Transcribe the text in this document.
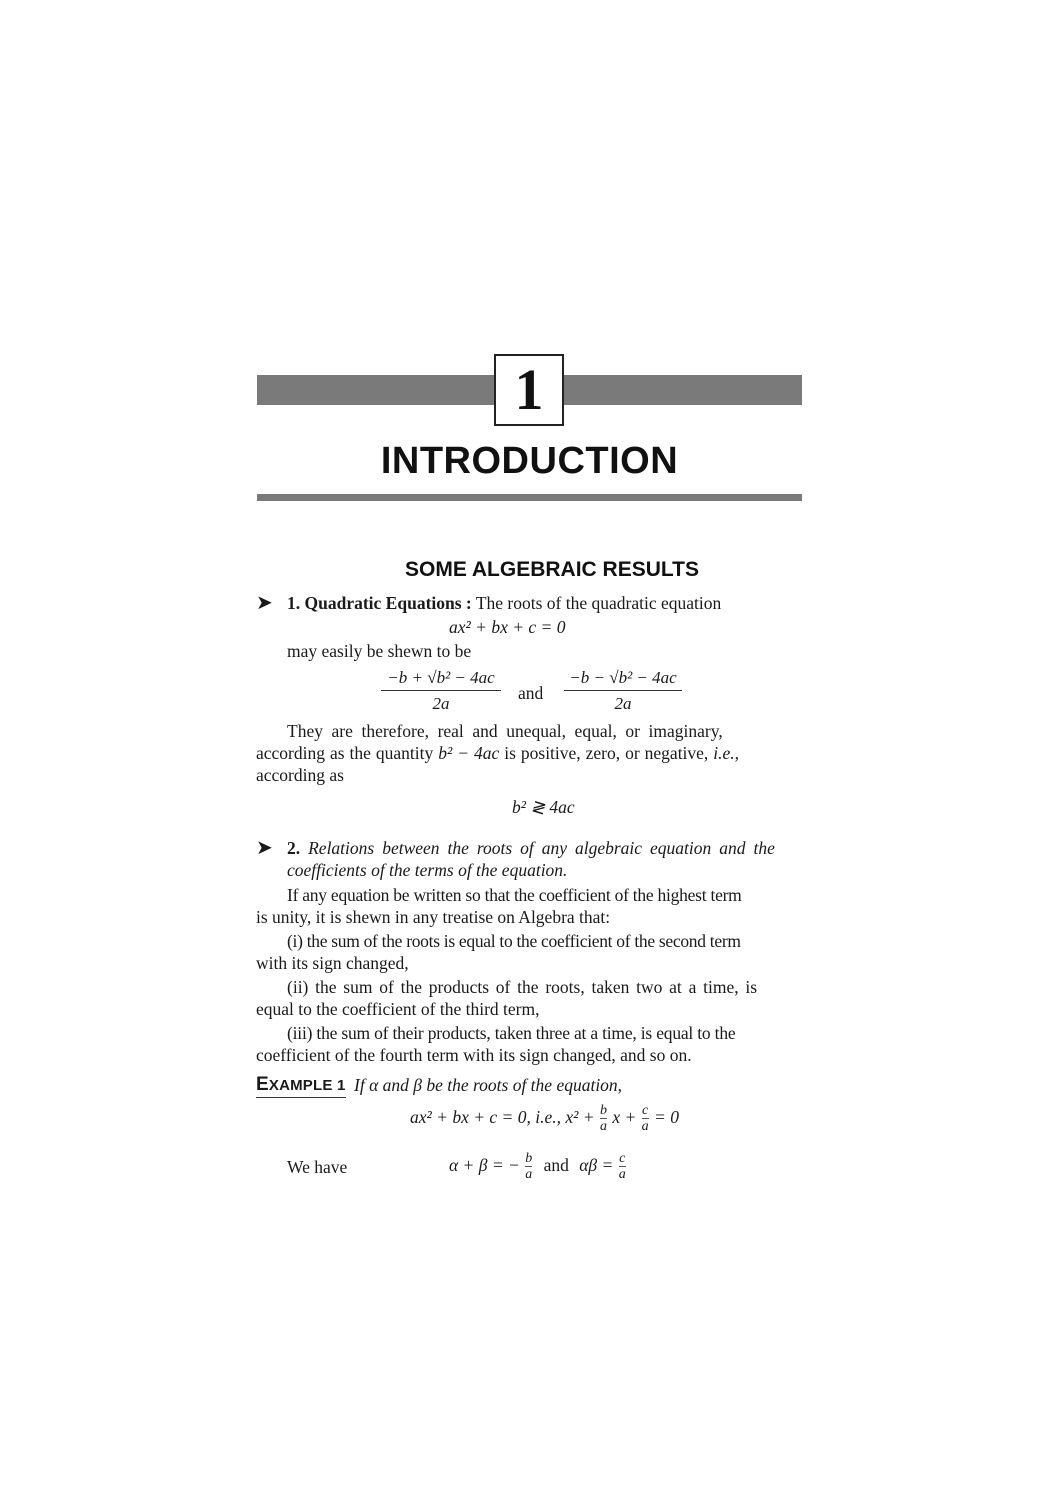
1
INTRODUCTION
SOME ALGEBRAIC RESULTS
➤ 1. Quadratic Equations : The roots of the quadratic equation
ax² + bx + c = 0
may easily be shewn to be
$\frac{\text{−b + √b² − 4ac}}{2a}$ and $\frac{\text{−b − √b² − 4ac}}{2a}$
They are therefore, real and unequal, equal, or imaginary,
according as the quantity b² − 4ac is positive, zero, or negative, i.e.,
according as
b² ≷ 4ac
➤ 2. Relations between the roots of any algebraic equation and the
coefficients of the terms of the equation.
If any equation be written so that the coefficient of the highest term
is unity, it is shewn in any treatise on Algebra that:
(i) the sum of the roots is equal to the coefficient of the second term
with its sign changed,
(ii) the sum of the products of the roots, taken two at a time, is
equal to the coefficient of the third term,
(iii) the sum of their products, taken three at a time, is equal to the
coefficient of the fourth term with its sign changed, and so on.
EXAMPLE 1 If α and β be the roots of the equation,
ax² + bx + c = 0, i.e., $x^2 + \frac{b}{a}$ $x + \frac{c}{a} = 0$
We have	α + β = − $\frac{b}{a}$ and $\alpha\beta = \frac{c}{a}$
